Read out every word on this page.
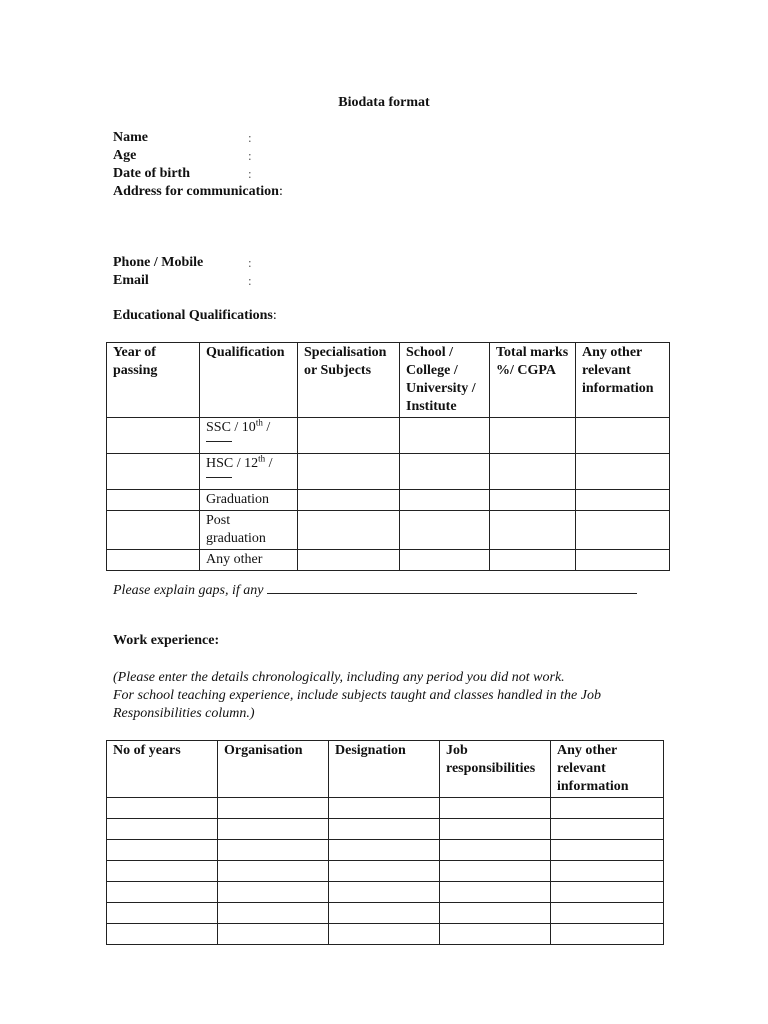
Biodata format
Name	:
Age	:
Date of birth	:
Address for communication:
Phone / Mobile	:
Email	:
Educational Qualifications:
Year of passing	Qualification	Specialisation or Subjects	School / College / University / Institute	Total marks %/ CGPA	Any other relevant information
	SSC / 10th /

	HSC / 12th /

	Graduation				
	Post graduation				
	Any other				
Please explain gaps, if any
Work experience:
(Please enter the details chronologically, including any period you did not work.
For school teaching experience, include subjects taught and classes handled in the Job Responsibilities column.)
No of years	Organisation	Designation	Job responsibilities	Any other relevant information
